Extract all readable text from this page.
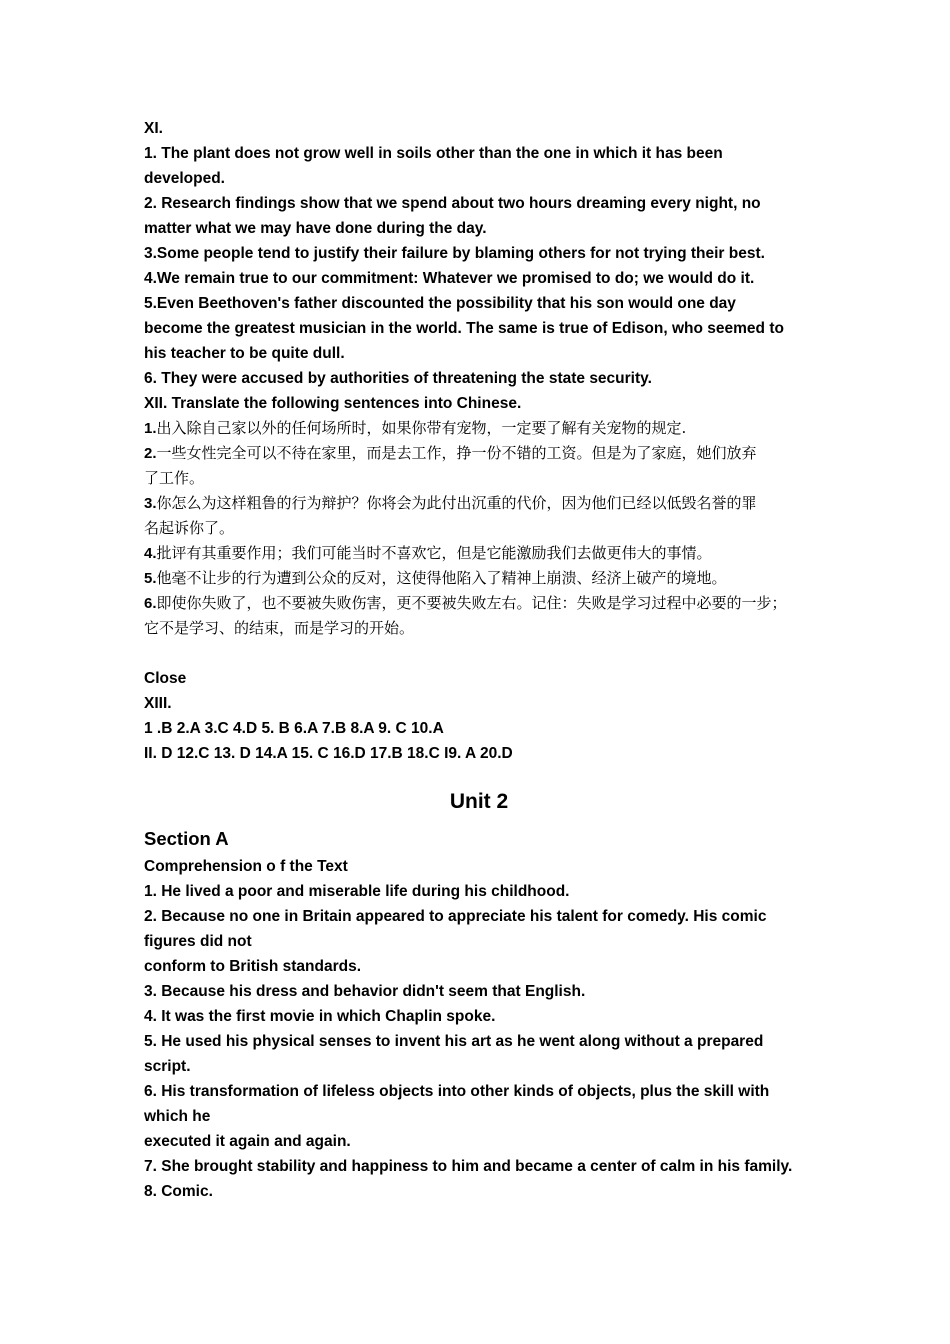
XI.
1. The plant does not grow well in soils other than the one in which it has been
developed.
2. Research findings show that we spend about two hours dreaming every night, no
matter what we may have done during the day.
3.Some people tend to justify their failure by blaming others for not trying their best.
4.We remain true to our commitment: Whatever we promised to do; we would do it.
5.Even Beethoven's father discounted the possibility that his son would one day
become the greatest musician in the world. The same is true of Edison, who seemed to
his teacher to be quite dull.
6. They were accused by authorities of threatening the state security.
XII. Translate the following sentences into Chinese.
1.出入除自己家以外的任何场所时，如果你带有宠物，一定要了解有关宠物的规定.
2.一些女性完全可以不待在家里，而是去工作，挣一份不错的工资。但是为了家庭，她们放弃
了工作。
3.你怎么为这样粗鲁的行为辩护？你将会为此付出沉重的代价，因为他们已经以低毁名誉的罪
名起诉你了。
4.批评有其重要作用；我们可能当时不喜欢它，但是它能激励我们去做更伟大的事情。
5.他毫不让步的行为遭到公众的反对，这使得他陷入了精神上崩溃、经济上破产的境地。
6.即使你失败了，也不要被失败伤害，更不要被失败左右。记住：失败是学习过程中必要的一步；
它不是学习、的结束，而是学习的开始。
Close
XIII.
1 .B 2.A 3.C 4.D 5. B 6.A 7.B 8.A 9. C 10.A
II. D 12.C 13. D 14.A 15. C 16.D 17.B 18.C I9. A 20.D
Unit 2
Section A
Comprehension o f the Text
1. He lived a poor and miserable life during his childhood.
2. Because no one in Britain appeared to appreciate his talent for comedy. His comic
figures did not
conform to British standards.
3. Because his dress and behavior didn't seem that English.
4. It was the first movie in which Chaplin spoke.
5. He used his physical senses to invent his art as he went along without a prepared
script.
6. His transformation of lifeless objects into other kinds of objects, plus the skill with
which he
executed it again and again.
7. She brought stability and happiness to him and became a center of calm in his family.
8. Comic.
